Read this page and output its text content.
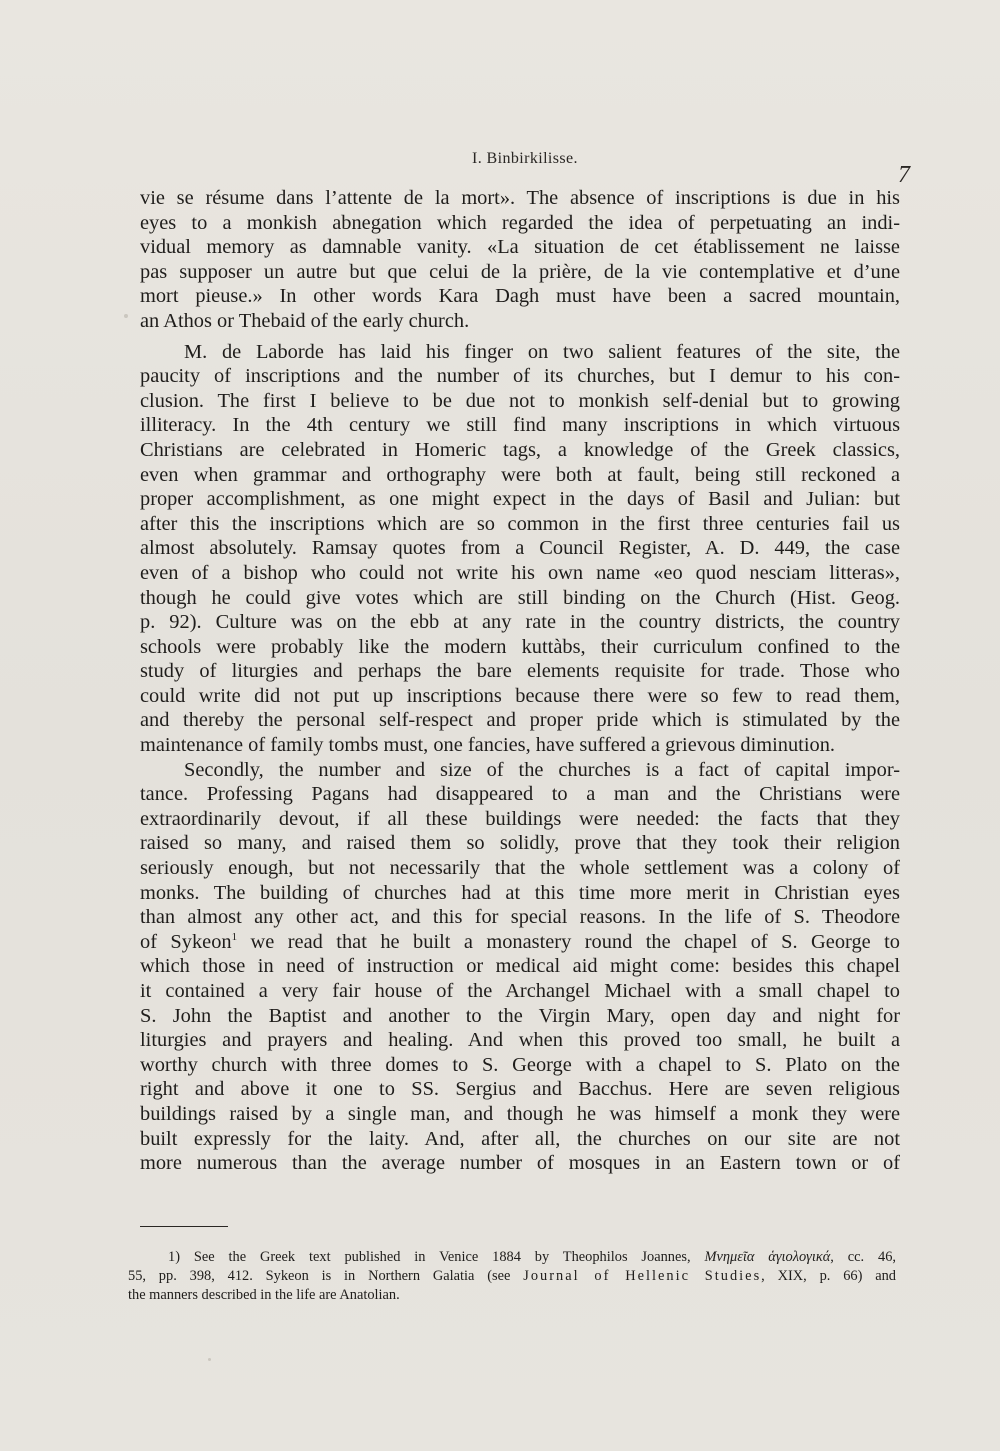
I. Binbirkilisse.
7
vie se résume dans l’attente de la mort». The absence of inscriptions is due in his
eyes to a monkish abnegation which regarded the idea of perpetuating an indi-
vidual memory as damnable vanity. «La situation de cet établissement ne laisse
pas supposer un autre but que celui de la prière, de la vie contemplative et d’une
mort pieuse.» In other words Kara Dagh must have been a sacred mountain,
an Athos or Thebaid of the early church.
M. de Laborde has laid his finger on two salient features of the site, the
paucity of inscriptions and the number of its churches, but I demur to his con-
clusion. The first I believe to be due not to monkish self-denial but to growing
illiteracy. In the 4th century we still find many inscriptions in which virtuous
Christians are celebrated in Homeric tags, a knowledge of the Greek classics,
even when grammar and orthography were both at fault, being still reckoned a
proper accomplishment, as one might expect in the days of Basil and Julian: but
after this the inscriptions which are so common in the first three centuries fail us
almost absolutely. Ramsay quotes from a Council Register, A. D. 449, the case
even of a bishop who could not write his own name «eo quod nesciam litteras»,
though he could give votes which are still binding on the Church (Hist. Geog.
p. 92). Culture was on the ebb at any rate in the country districts, the country
schools were probably like the modern kuttàbs, their curriculum confined to the
study of liturgies and perhaps the bare elements requisite for trade. Those who
could write did not put up inscriptions because there were so few to read them,
and thereby the personal self-respect and proper pride which is stimulated by the
maintenance of family tombs must, one fancies, have suffered a grievous diminution.
Secondly, the number and size of the churches is a fact of capital impor-
tance. Professing Pagans had disappeared to a man and the Christians were
extraordinarily devout, if all these buildings were needed: the facts that they
raised so many, and raised them so solidly, prove that they took their religion
seriously enough, but not necessarily that the whole settlement was a colony of
monks. The building of churches had at this time more merit in Christian eyes
than almost any other act, and this for special reasons. In the life of S. Theodore
of Sykeon$^1$ we read that he built a monastery round the chapel of S. George to
which those in need of instruction or medical aid might come: besides this chapel
it contained a very fair house of the Archangel Michael with a small chapel to
S. John the Baptist and another to the Virgin Mary, open day and night for
liturgies and prayers and healing. And when this proved too small, he built a
worthy church with three domes to S. George with a chapel to S. Plato on the
right and above it one to SS. Sergius and Bacchus. Here are seven religious
buildings raised by a single man, and though he was himself a monk they were
built expressly for the laity. And, after all, the churches on our site are not
more numerous than the average number of mosques in an Eastern town or of
1) See the Greek text published in Venice 1884 by Theophilos Joannes, Μνημεῖα ἁγιολογικά, cc. 46,
55, pp. 398, 412. Sykeon is in Northern Galatia (see Journal of Hellenic Studies, XIX, p. 66) and
the manners described in the life are Anatolian.
